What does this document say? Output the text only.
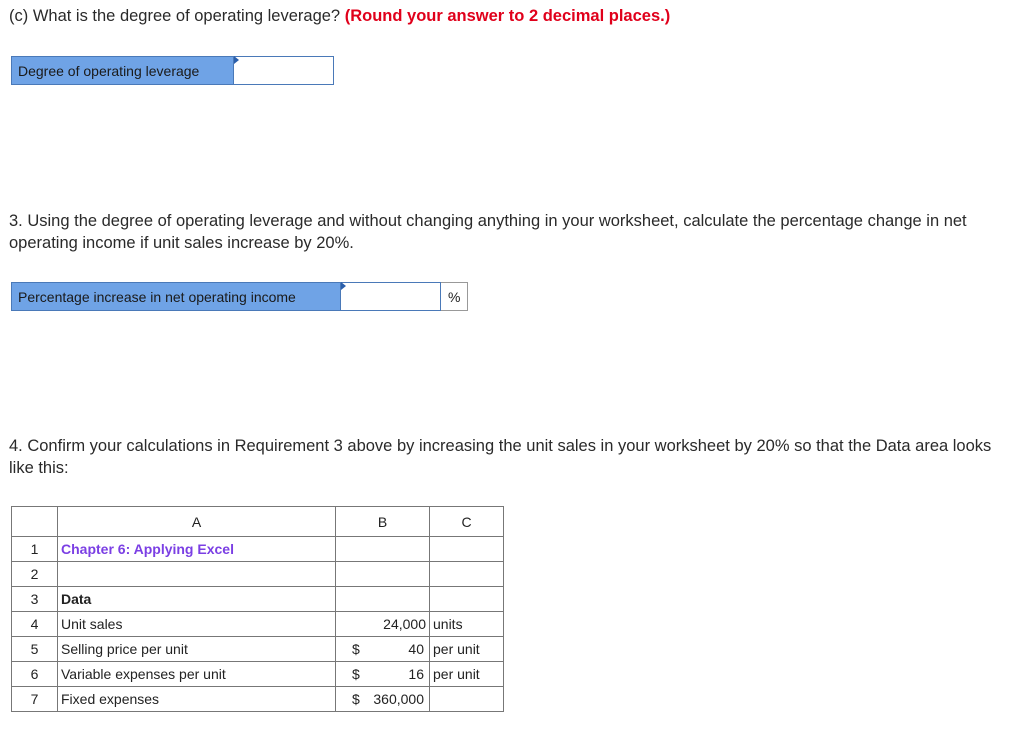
(c) What is the degree of operating leverage? (Round your answer to 2 decimal places.)
Degree of operating leverage
3. Using the degree of operating leverage and without changing anything in your worksheet, calculate the percentage change in net operating income if unit sales increase by 20%.
Percentage increase in net operating income	%
4. Confirm your calculations in Requirement 3 above by increasing the unit sales in your worksheet by 20% so that the Data area looks like this:
	A	B	C
1	Chapter 6: Applying Excel		
2			
3	Data		
4	Unit sales	24,000	units
5	Selling price per unit	$ 40	per unit
6	Variable expenses per unit	$ 16	per unit
7	Fixed expenses	$ 360,000	
